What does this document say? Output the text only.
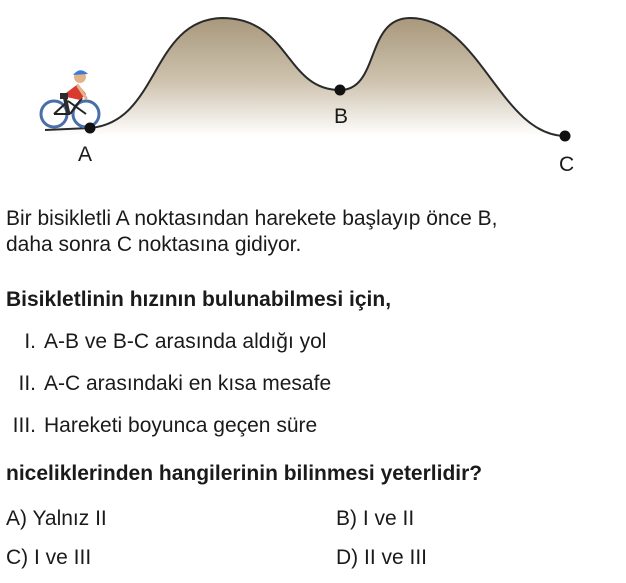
A
B
C
Bir bisikletli A noktasından harekete başlayıp önce B,
daha sonra C noktasına gidiyor.
Bisikletlinin hızının bulunabilmesi için,
I. A-B ve B-C arasında aldığı yol
II. A-C arasındaki en kısa mesafe
III. Hareketi boyunca geçen süre
niceliklerinden hangilerinin bilinmesi yeterlidir?
A) Yalnız II	B) I ve II
C) I ve III	D) II ve III
